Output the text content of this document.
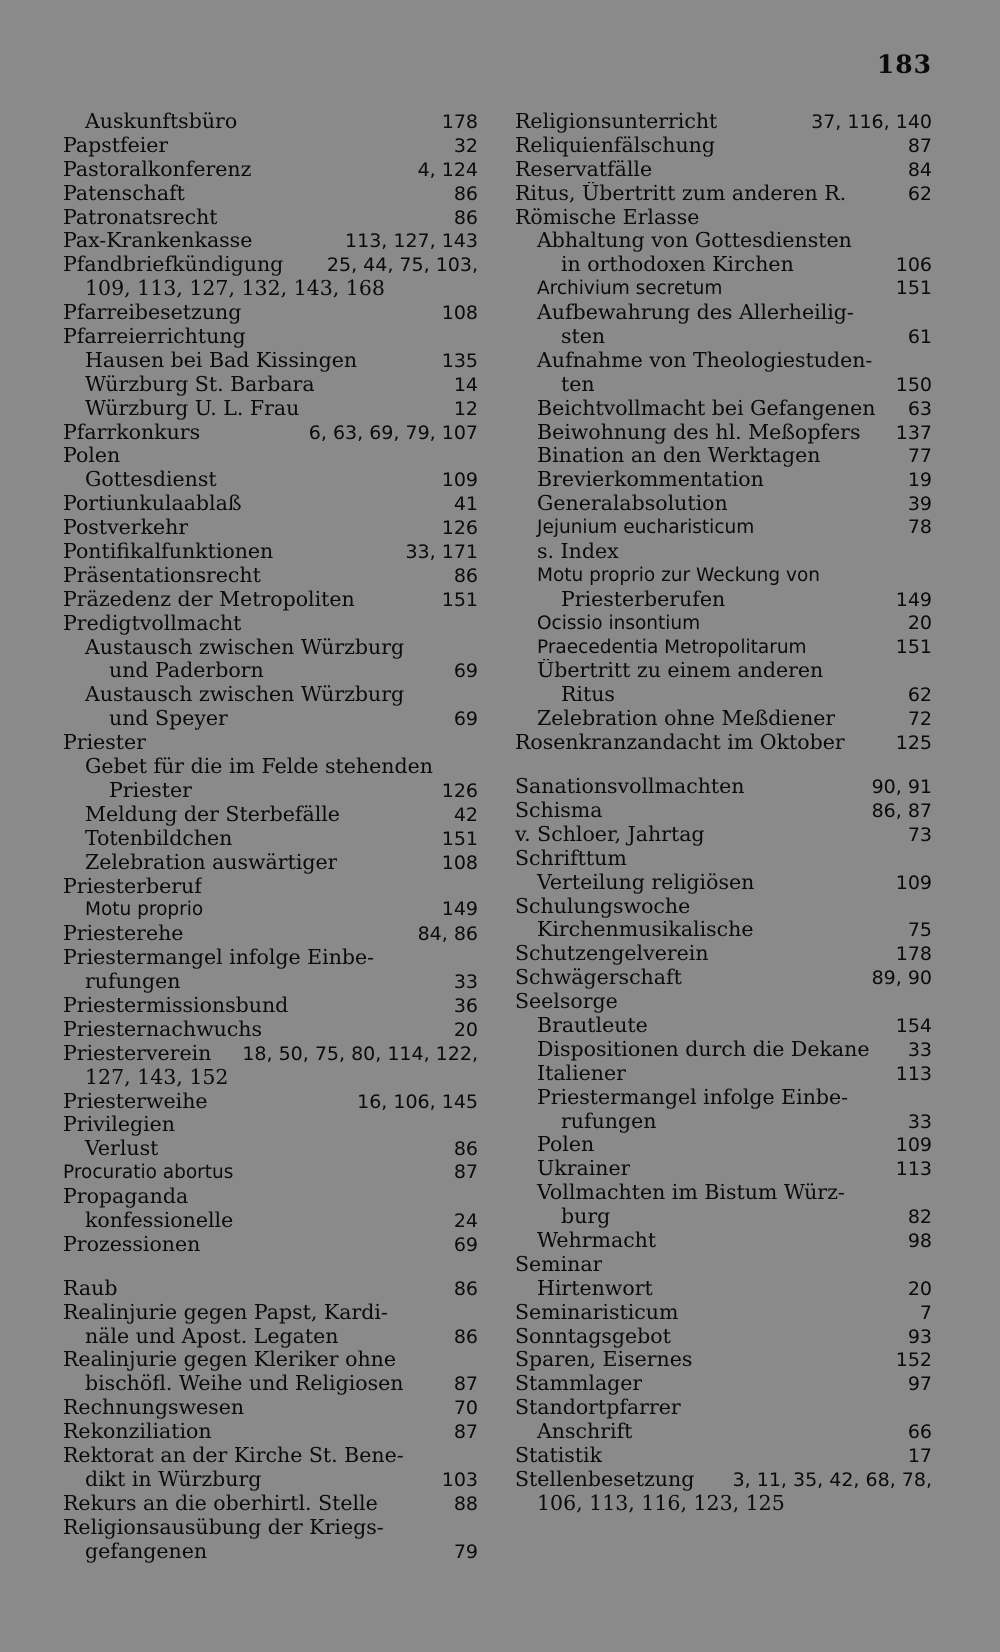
183
Auskunftsbüro	178
Papstfeier	32
Pastoralkonferenz	4, 124
Patenschaft	86
Patronatsrecht	86
Pax-Krankenkasse	113, 127, 143
Pfandbriefkündigung	25, 44, 75, 103,
109, 113, 127, 132, 143, 168
Pfarreibesetzung	108
Pfarreierrichtung
Hausen bei Bad Kissingen	135
Würzburg St. Barbara	14
Würzburg U. L. Frau	12
Pfarrkonkurs	6, 63, 69, 79, 107
Polen
Gottesdienst	109
Portiunkulaablaß	41
Postverkehr	126
Pontifikalfunktionen	33, 171
Präsentationsrecht	86
Präzedenz der Metropoliten	151
Predigtvollmacht
Austausch zwischen Würzburg
und Paderborn	69
Austausch zwischen Würzburg
und Speyer	69
Priester
Gebet für die im Felde stehenden
Priester	126
Meldung der Sterbefälle	42
Totenbildchen	151
Zelebration auswärtiger	108
Priesterberuf
Motu proprio	149
Priesterehe	84, 86
Priestermangel infolge Einbe-
rufungen	33
Priestermissionsbund	36
Priesternachwuchs	20
Priesterverein	18, 50, 75, 80, 114, 122,
127, 143, 152
Priesterweihe	16, 106, 145
Privilegien
Verlust	86
Procuratio abortus	87
Propaganda
konfessionelle	24
Prozessionen	69
Raub	86
Realinjurie gegen Papst, Kardi-
näle und Apost. Legaten	86
Realinjurie gegen Kleriker ohne
bischöfl. Weihe und Religiosen	87
Rechnungswesen	70
Rekonziliation	87
Rektorat an der Kirche St. Bene-
dikt in Würzburg	103
Rekurs an die oberhirtl. Stelle	88
Religionsausübung der Kriegs-
gefangenen	79
Religionsunterricht	37, 116, 140
Reliquienfälschung	87
Reservatfälle	84
Ritus, Übertritt zum anderen R.	62
Römische Erlasse
Abhaltung von Gottesdiensten
in orthodoxen Kirchen	106
Archivium secretum	151
Aufbewahrung des Allerheilig-
sten	61
Aufnahme von Theologiestuden-
ten	150
Beichtvollmacht bei Gefangenen	63
Beiwohnung des hl. Meßopfers	137
Bination an den Werktagen	77
Brevierkommentation	19
Generalabsolution	39
Jejunium eucharisticum	78
s. Index
Motu proprio zur Weckung von
Priesterberufen	149
Ocissio insontium	20
Praecedentia Metropolitarum	151
Übertritt zu einem anderen
Ritus	62
Zelebration ohne Meßdiener	72
Rosenkranzandacht im Oktober	125
Sanationsvollmachten	90, 91
Schisma	86, 87
v. Schloer, Jahrtag	73
Schrifttum
Verteilung religiösen	109
Schulungswoche
Kirchenmusikalische	75
Schutzengelverein	178
Schwägerschaft	89, 90
Seelsorge
Brautleute	154
Dispositionen durch die Dekane	33
Italiener	113
Priestermangel infolge Einbe-
rufungen	33
Polen	109
Ukrainer	113
Vollmachten im Bistum Würz-
burg	82
Wehrmacht	98
Seminar
Hirtenwort	20
Seminaristicum	7
Sonntagsgebot	93
Sparen, Eisernes	152
Stammlager	97
Standortpfarrer
Anschrift	66
Statistik	17
Stellenbesetzung	3, 11, 35, 42, 68, 78,
106, 113, 116, 123, 125
